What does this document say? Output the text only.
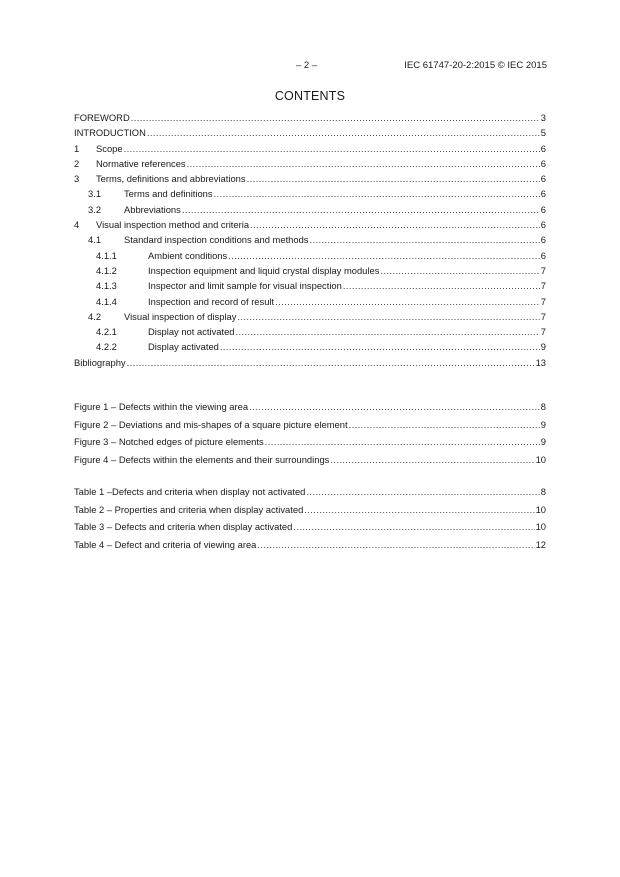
– 2 –	IEC 61747-20-2:2015 © IEC 2015
CONTENTS
FOREWORD .....	3
INTRODUCTION .....	5
1	Scope .....	6
2	Normative references .....	6
3	Terms, definitions and abbreviations .....	6
3.1	Terms and definitions .....	6
3.2	Abbreviations .....	6
4	Visual inspection method and criteria .....	6
4.1	Standard inspection conditions and methods .....	6
4.1.1	Ambient conditions .....	6
4.1.2	Inspection equipment and liquid crystal display modules .....	7
4.1.3	Inspector and limit sample for visual inspection .....	7
4.1.4	Inspection and record of result .....	7
4.2	Visual inspection of display .....	7
4.2.1	Display not activated .....	7
4.2.2	Display activated .....	9
Bibliography .....	13
Figure 1 – Defects within the viewing area .....	8
Figure 2 – Deviations and mis-shapes of a square picture element .....	9
Figure 3 – Notched edges of picture elements .....	9
Figure 4 – Defects within the elements and their surroundings .....	10
Table 1 –Defects and criteria when display not activated .....	8
Table 2 – Properties and criteria when display activated .....	10
Table 3 – Defects and criteria when display activated .....	10
Table 4 – Defect and criteria of viewing area .....	12
